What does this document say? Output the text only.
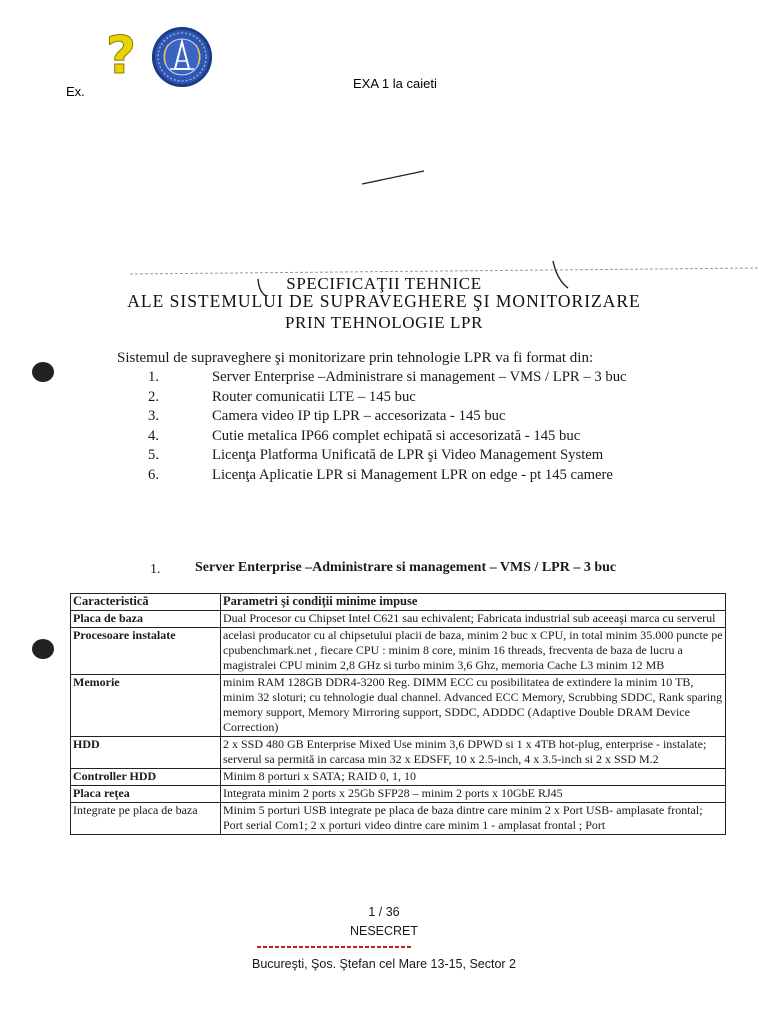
?
Ex.
EXA 1 la caieti
SPECIFICAŢII TEHNICE
ALE SISTEMULUI DE SUPRAVEGHERE ŞI MONITORIZARE
PRIN TEHNOLOGIE LPR
Sistemul de supraveghere şi monitorizare prin tehnologie LPR va fi format din:
1.	Server Enterprise –Administrare si management – VMS / LPR – 3 buc
2.	Router comunicatii LTE – 145 buc
3.	Camera video IP tip LPR – accesorizata - 145 buc
4.	Cutie metalica IP66 complet echipată si accesorizată - 145 buc
5.	Licenţa Platforma Unificată de LPR şi Video Management System
6.	Licenţa Aplicatie LPR si Management LPR on edge - pt 145 camere
1. Server Enterprise –Administrare si management – VMS / LPR – 3 buc
Caracteristică	Parametri şi condiţii minime impuse
Placa de baza	Dual Procesor cu Chipset Intel C621 sau echivalent; Fabricata industrial sub aceeaşi marca cu serverul
Procesoare instalate	acelasi producator cu al chipsetului placii de baza, minim 2 buc x CPU, in total minim 35.000 puncte pe cpubenchmark.net , fiecare CPU : minim 8 core, minim 16 threads, frecventa de baza de lucru a magistralei CPU minim 2,8 GHz si turbo minim 3,6 Ghz, memoria Cache L3 minim 12 MB
Memorie	minim RAM 128GB DDR4-3200 Reg. DIMM ECC cu posibilitatea de extindere la minim 10 TB, minim 32 sloturi; cu tehnologie dual channel. Advanced ECC Memory, Scrubbing SDDC, Rank sparing memory support, Memory Mirroring support, SDDC, ADDDC (Adaptive Double DRAM Device Correction)
HDD	2 x SSD 480 GB Enterprise Mixed Use minim 3,6 DPWD si 1 x 4TB hot-plug, enterprise - instalate; serverul sa permită in carcasa min 32 x EDSFF, 10 x 2.5-inch, 4 x 3.5-inch si 2 x SSD M.2
Controller HDD	Minim 8 porturi x SATA; RAID 0, 1, 10
Placa reţea	Integrata minim 2 ports x 25Gb SFP28 – minim 2 ports x 10GbE RJ45
Integrate pe placa de baza	Minim 5 porturi USB integrate pe placa de baza dintre care minim 2 x Port USB- amplasate frontal; Port serial Com1; 2 x porturi video dintre care minim 1 - amplasat frontal ; Port
1 / 36
NESECRET
Bucureşti, Şos. Ştefan cel Mare 13-15, Sector 2
